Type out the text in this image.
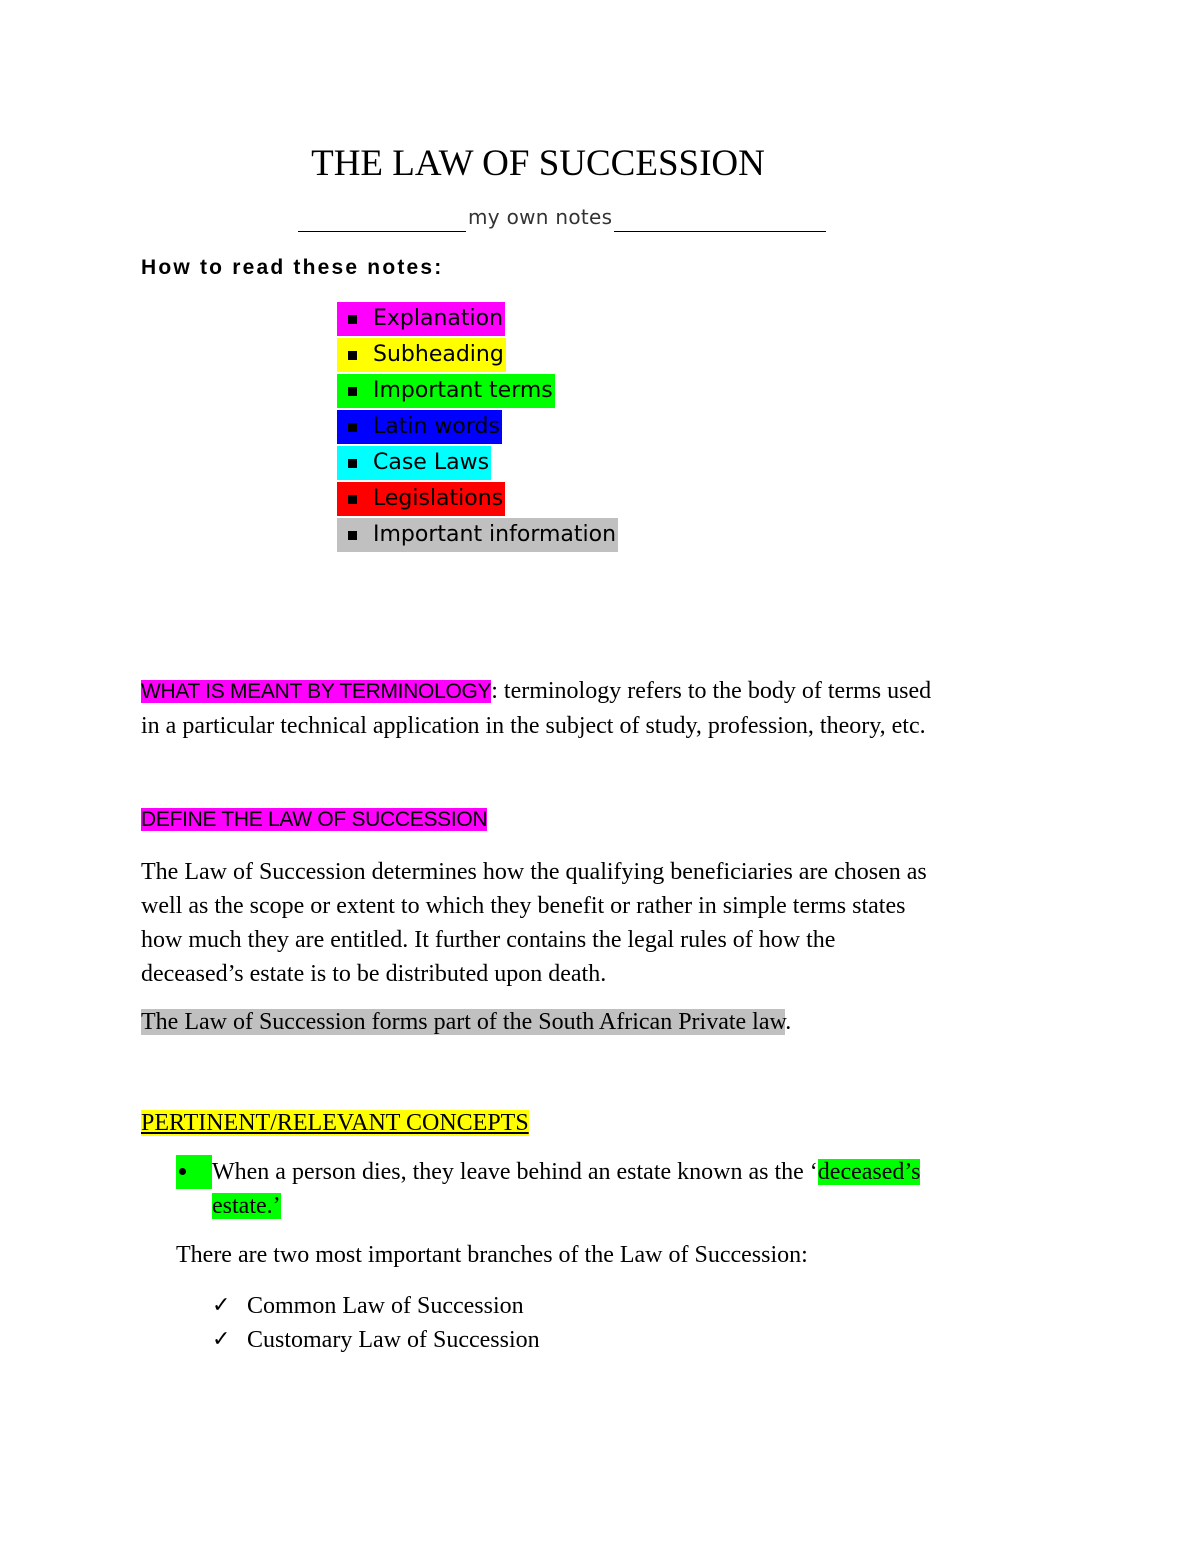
THE LAW OF SUCCESSION
my own notes
How to read these notes:
Explanation
Subheading
Important terms
Latin words
Case Laws
Legislations
Important information
WHAT IS MEANT BY TERMINOLOGY: terminology refers to the body of terms used
in a particular technical application in the subject of study, profession, theory, etc.
DEFINE THE LAW OF SUCCESSION
The Law of Succession determines how the qualifying beneficiaries are chosen as
well as the scope or extent to which they benefit or rather in simple terms states
how much they are entitled. It further contains the legal rules of how the
deceased’s estate is to be distributed upon death.
The Law of Succession forms part of the South African Private law.
PERTINENT/RELEVANT CONCEPTS
When a person dies, they leave behind an estate known as the ‘deceased’s
estate.’
There are two most important branches of the Law of Succession:
✓ Common Law of Succession
✓ Customary Law of Succession
